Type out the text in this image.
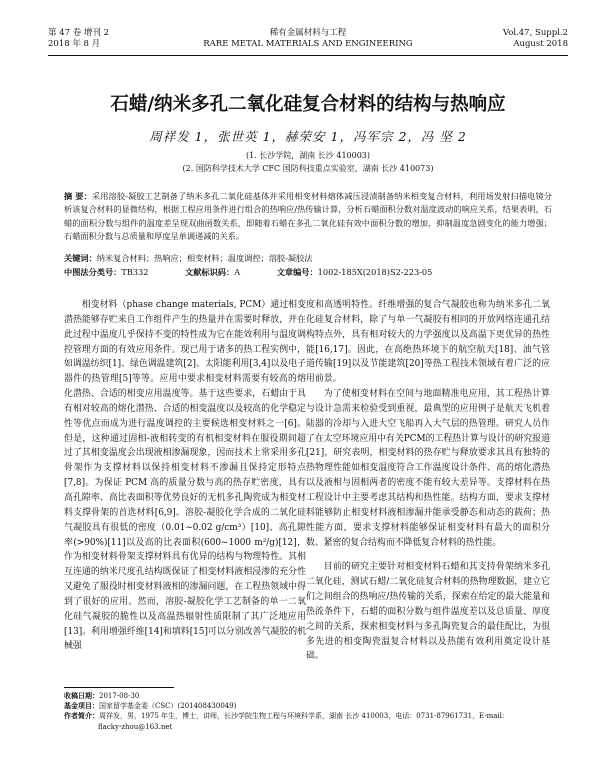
第 47 卷 增刊 2
2018 年 8 月
稀有金属材料与工程
RARE METAL MATERIALS AND ENGINEERING
Vol.47, Suppl.2
August 2018
石蜡/纳米多孔二氧化硅复合材料的结构与热响应
周祥发 1，张世英 1，赫荣安 1，冯军宗 2，冯 坚 2
(1. 长沙学院，湖南 长沙 410003)
(2. 国防科学技术大学 CFC 国防科技重点实验室，湖南 长沙 410073)
摘 要：采用溶胶-凝胶工艺制备了纳米多孔二氧化硅基体并采用相变材料熔体减压浸渍制备纳米相变复合材料，利用场发射扫描电镜分析该复合材料的显微结构，根据工程应用条件进行组合的热响应/热传输计算，分析石蜡面积分数对温度波动的响应关系，结果表明，石蜡的面积分数与组件的温度差呈现双曲函数关系，即随着石蜡在多孔二氧化硅有效中面积分数的增加，抑制温度急剧变化的能力增强；石蜡面积分数与总质量和厚度呈单调递减的关系。
关键词：纳米复合材料；热响应；相变材料；温度调控；溶胶-凝胶法
中图法分类号：TB332	文献标识码：A	文章编号：1002-185X(2018)S2-223-05

相变材料（phase change materials, PCM）通过相变潜热能够存贮来自工作组件产生的热量并在需要时释放，并在此过程中温度几乎保持不变的特性成为它在能效利用与温度调控管理方面的有效应用条件。现已用于诸多的热工程实例中，如调温纺织[1]、绿色调温建筑[2]、太阳能利用[3,4]以及电子器件的热管理[5]等等。应用中要求相变材料需要有较高的熔化潜热、合适的相变应用温度等。基于这些要求，石蜡由于具有相对较高的熔化潜热、合适的相变温度以及较高的化学稳定性等优点而成为进行温度调控的主要候选相变材料之一[6]。但是，这种通过固相-液相转变的有机相变材料在服役期间超过了其相变温度会出现液相渗漏现象，因而技术上常采用多孔骨架作为支撑材料以保持相变材料不渗漏且保持定形特点[7,8]。为保证 PCM 高的质量分数与高的热存贮密度，具有高孔隙率、高比表面积等优势良好的无机多孔陶瓷成为相变材料支撑骨架的首选材料[6,9]。溶胶-凝胶化学合成的二氧化硅气凝胶具有很低的密度（0.01~0.02 g/cm³）[10]、高孔隙率(>90%)[11]以及高的比表面积(600~1000 m²/g)[12]，作为相变材料骨架支撑材料具有优异的结构与物理特性。其相互连通的纳米尺度孔结构既保证了相变材料液相浸渗的充分性又避免了服役时相变材料液相的渗漏问题，在工程热领域中得到了很好的应用。然而，溶胶-凝胶化学工艺制备的单一二氧化硅气凝胶的脆性以及高温热辐射性质限制了其广泛地应用[13]。利用增强纤维[14]和填料[15]可以分别改善气凝胶的机械强

度和高透明特性。纤维增强的复合气凝胶也称为纳米多孔二氧化硅复合材料，除了与单一气凝胶有相同的开放网络连通孔结构特点外，具有相对较大的力学强度以及高温下更优异的热性能[16,17]。因此，在高绝热环境下的航空航天[18]、油气管道传输[19]以及节能建筑[20]等热工程技术领域有着广泛的应用前景。

为了使相变材料在空间与地面精准电应用，其工程热计算与设计急需来检验受到重视，最典型的应用例子是航天飞机着陆器的冷却与入进大空飞船再入大气层的热管理。研究人员作了在太空环境应用中有关PCM的工程热计算与设计的研究报道[21]，研究表明，相变材料的热存贮与释放要求其具有独特的热物理性能如相变温度符合工作温度设计条件、高的熔化潜热以及液相与固相两者的密度不能有较大差异等。支撑材料在热工程设计中主要考虑其结构和热性能。结构方面，要求支撑材料能够防止相变材料液相渗漏并能承受静态和动态的载荷；热性能方面，要求支撑材料能够保证相变材料有最大的面积分数、紧密的复合结构而不降低复合材料的热性能。

目前的研究主要针对相变材料石蜡和其支持骨架纳米多孔二氧化硅，测试石蜡/二氧化硅复合材料的热物理数据，建立它们之间组合的热响应/热传输的关系，探索在给定的最大能量和热流条件下，石蜡的面积分数与组件温度差以及总质量、厚度之间的关系，探索相变材料与多孔陶瓷复合的最佳配比，为很多先进的相变陶瓷温复合材料以及热能有效利用奠定设计基础。

收稿日期：2017-08-30
基金项目：国家留学基金委（CSC）(201408430049)
作者简介：周祥发，男，1975 年生，博士，讲师，长沙学院生物工程与环境科学系，湖南 长沙 410003，电话：0731-87961731，E-mail:
flacky-zhou@163.net
